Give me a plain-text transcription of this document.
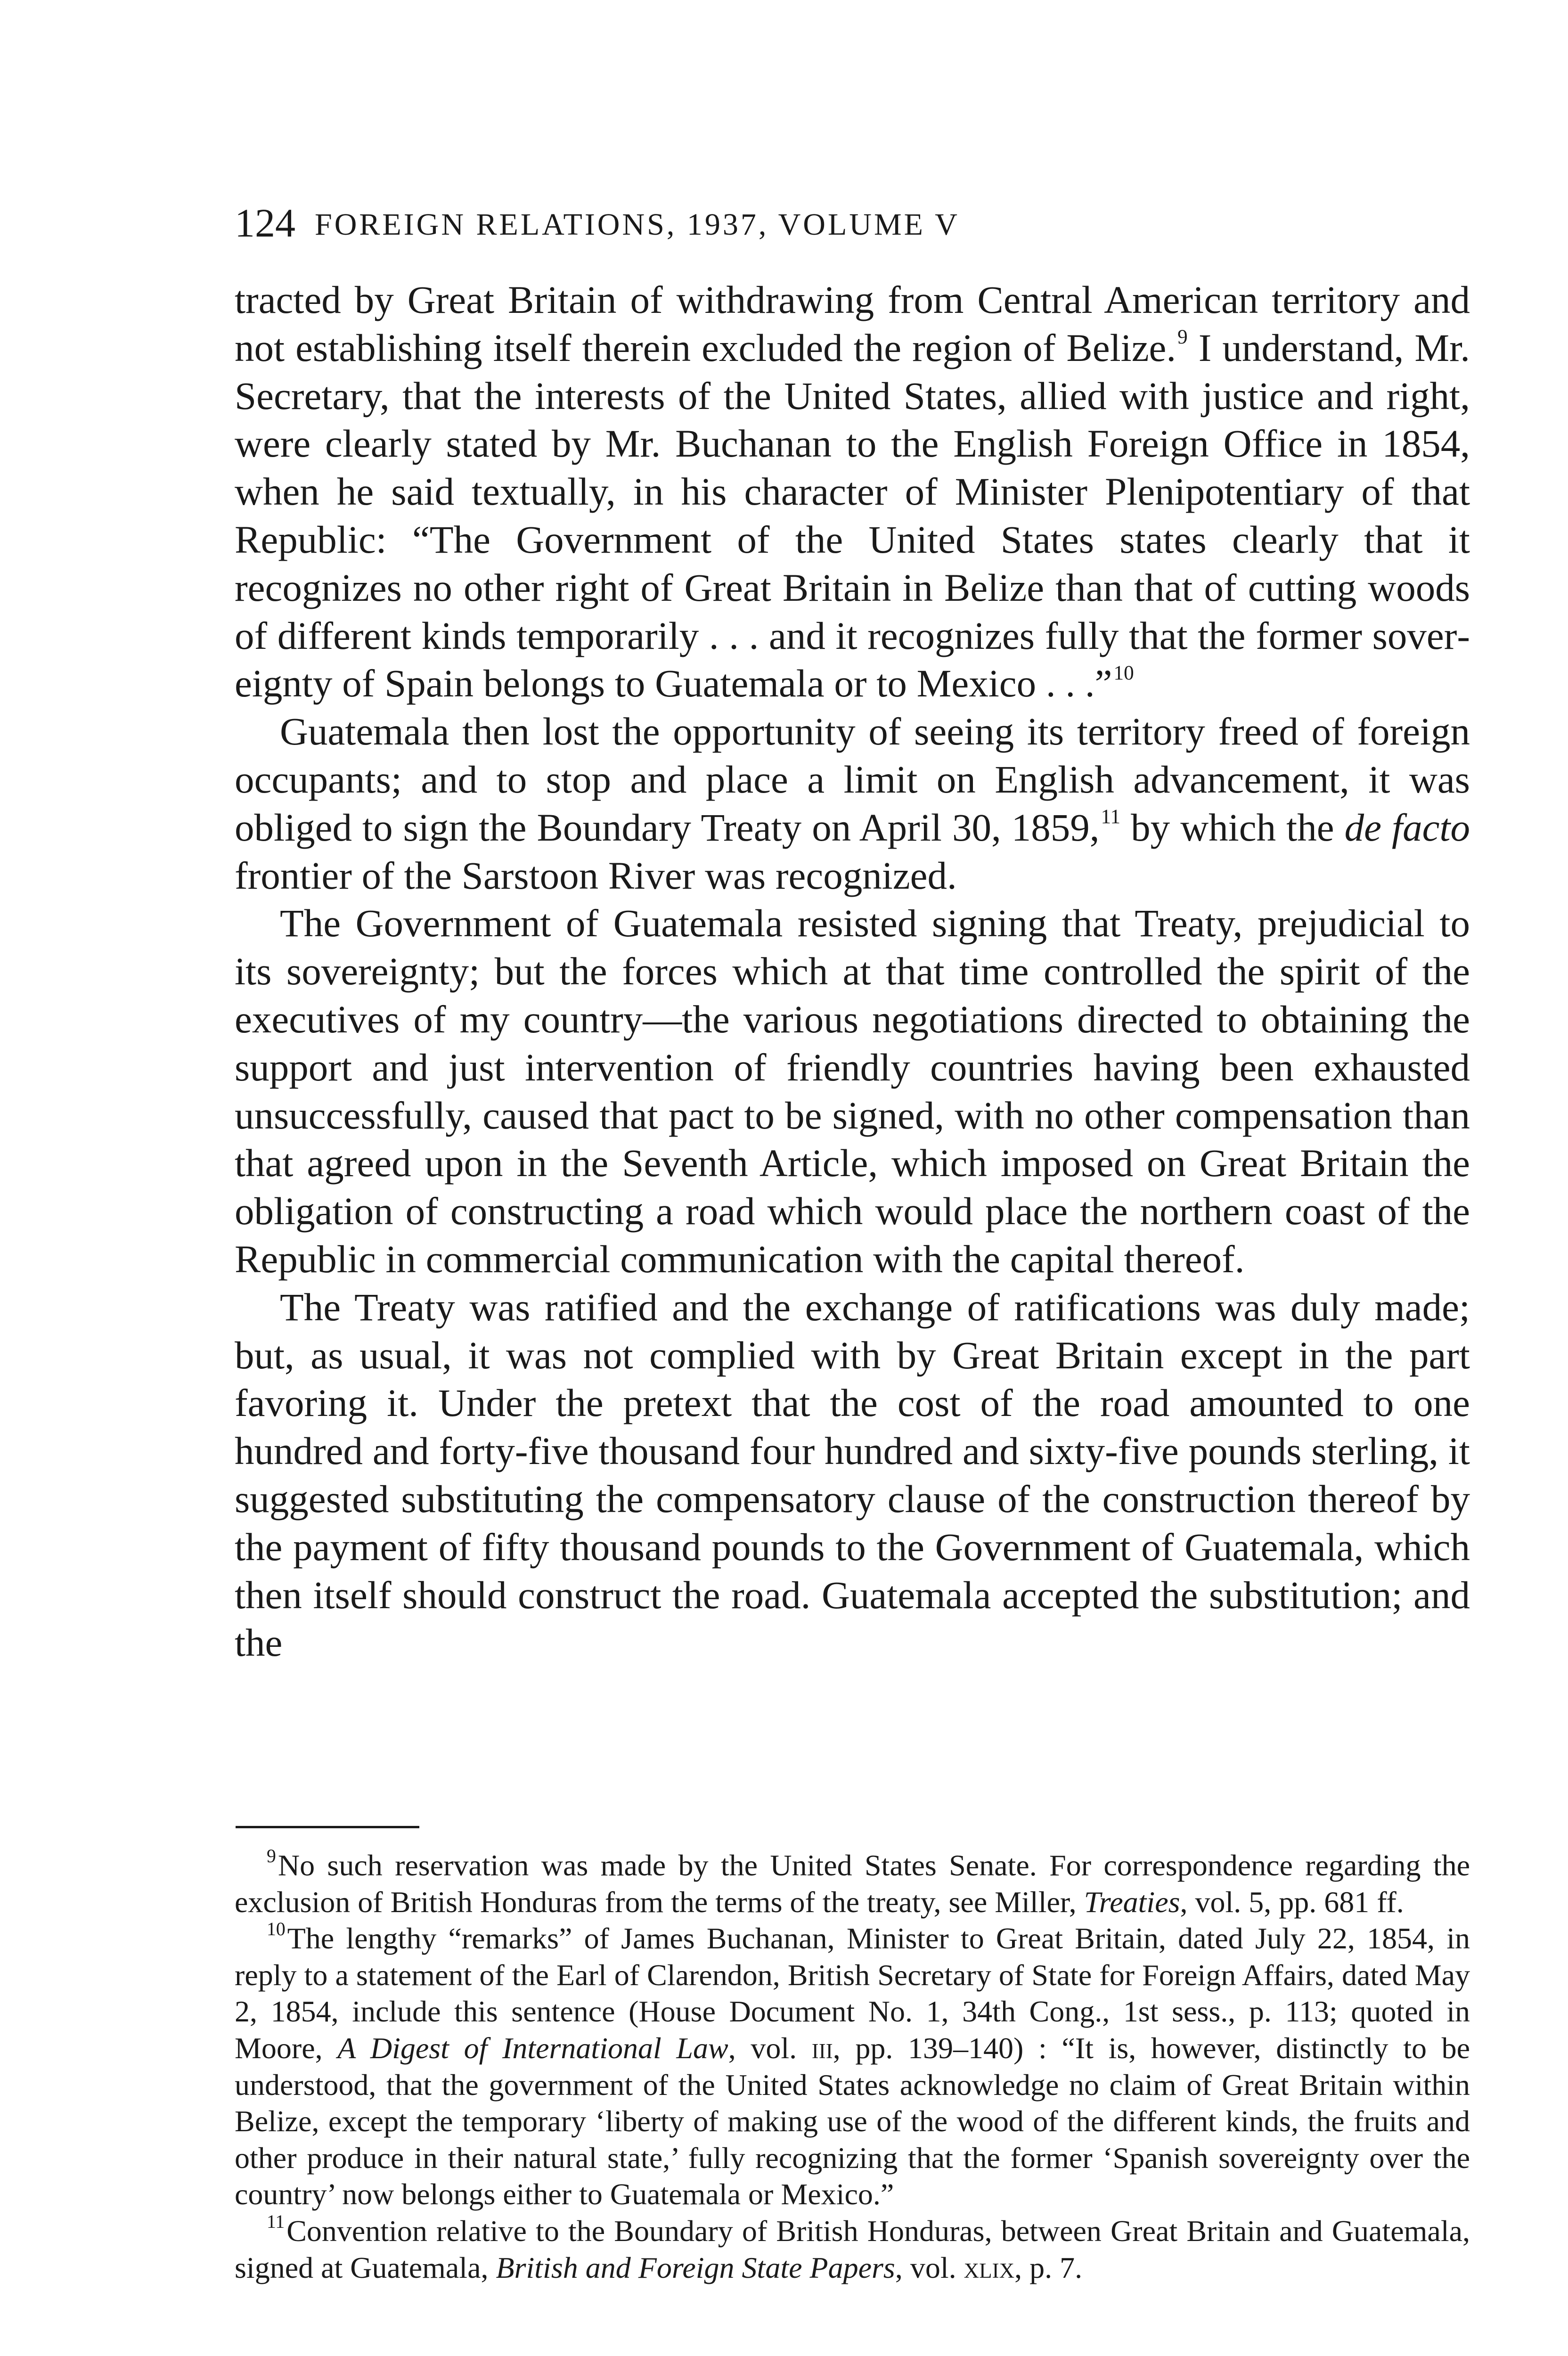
124 FOREIGN RELATIONS, 1937, VOLUME V

tracted by Great Britain of withdrawing from Central American territory and not establishing itself therein excluded the region of Belize.$^9$ I understand, Mr. Secretary, that the interests of the United States, allied with justice and right, were clearly stated by Mr. Buchanan to the English Foreign Office in 1854, when he said textually, in his character of Minister Plenipotentiary of that Republic: “The Government of the United States states clearly that it recognizes no other right of Great Britain in Belize than that of cutting woods of different kinds temporarily . . . and it recognizes fully that the former sovereignty of Spain belongs to Guatemala or to Mexico . . .”$^{10}$

Guatemala then lost the opportunity of seeing its territory freed of foreign occupants; and to stop and place a limit on English advancement, it was obliged to sign the Boundary Treaty on April 30, 1859,11 by which the de facto frontier of the Sarstoon River was recognized.

The Government of Guatemala resisted signing that Treaty, prejudicial to its sovereignty; but the forces which at that time controlled the spirit of the executives of my country—the various negotiations directed to obtaining the support and just intervention of friendly countries having been exhausted unsuccessfully, caused that pact to be signed, with no other compensation than that agreed upon in the Seventh Article, which imposed on Great Britain the obligation of constructing a road which would place the northern coast of the Republic in commercial communication with the capital thereof.

The Treaty was ratified and the exchange of ratifications was duly made; but, as usual, it was not complied with by Great Britain except in the part favoring it. Under the pretext that the cost of the road amounted to one hundred and forty-five thousand four hundred and sixty-five pounds sterling, it suggested substituting the compensatory clause of the construction thereof by the payment of fifty thousand pounds to the Government of Guatemala, which then itself should construct the road. Guatemala accepted the substitution; and the

$^9$No such reservation was made by the United States Senate. For correspondence regarding the exclusion of British Honduras from the terms of the treaty, see Miller, Treaties, vol. 5, pp. 681 ff.

$^{10}$The lengthy “remarks” of James Buchanan, Minister to Great Britain, dated July 22, 1854, in reply to a statement of the Earl of Clarendon, British Secretary of State for Foreign Affairs, dated May 2, 1854, include this sentence (House Document No. 1, 34th Cong., 1st sess., p. 113; quoted in Moore, A Digest of International Law, vol. iii, pp. 139–140) : “It is, however, distinctly to be understood, that the government of the United States acknowledge no claim of Great Britain within Belize, except the temporary ‘liberty of making use of the wood of the different kinds, the fruits and other produce in their natural state,’ fully recognizing that the former ‘Spanish sovereignty over the country’ now belongs either to Guatemala or Mexico.”

$^{11}$Convention relative to the Boundary of British Honduras, between Great Britain and Guatemala, signed at Guatemala, British and Foreign State Papers, vol. xlix, p. 7.
